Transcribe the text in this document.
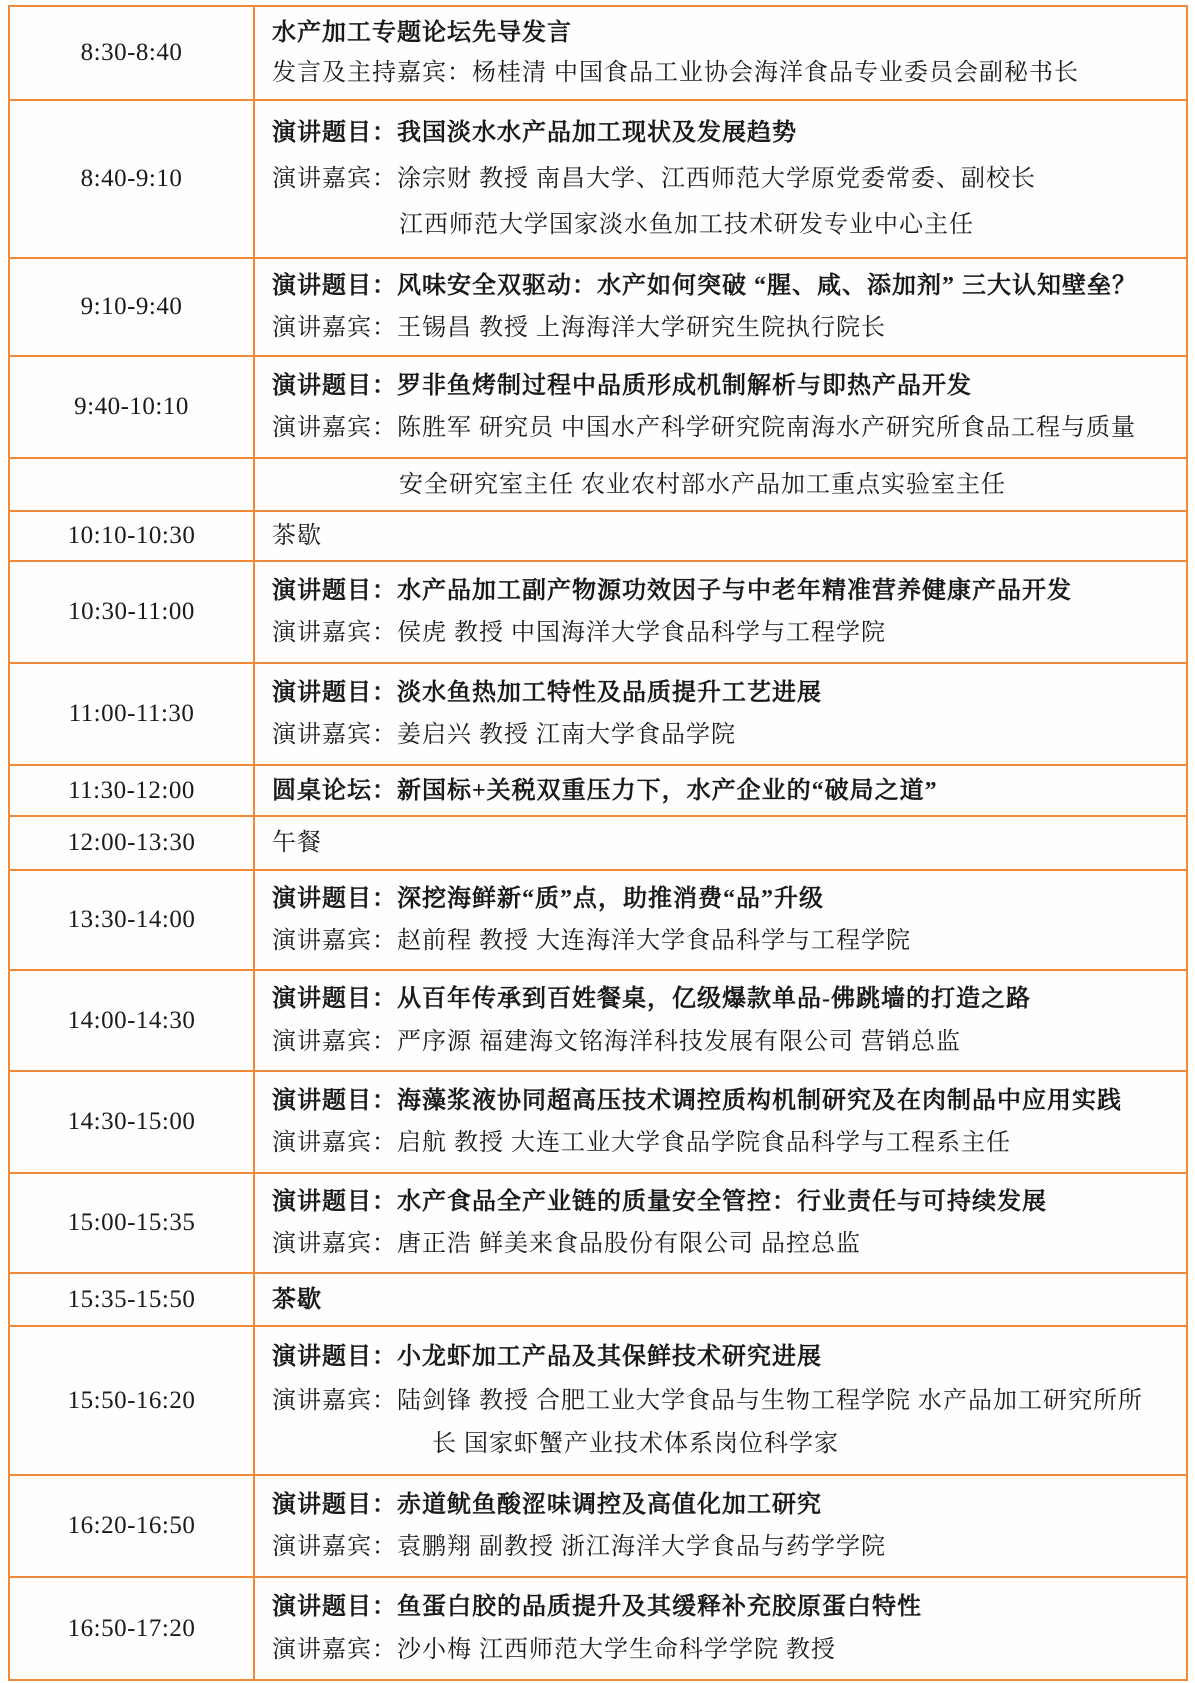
8:30-8:40
水产加工专题论坛先导发言
发言及主持嘉宾：杨桂清 中国食品工业协会海洋食品专业委员会副秘书长
8:40-9:10
演讲题目：我国淡水水产品加工现状及发展趋势
演讲嘉宾：涂宗财 教授 南昌大学、江西师范大学原党委常委、副校长
江西师范大学国家淡水鱼加工技术研发专业中心主任
9:10-9:40
演讲题目：风味安全双驱动：水产如何突破 “腥、咸、添加剂” 三大认知壁垒？
演讲嘉宾：王锡昌 教授 上海海洋大学研究生院执行院长
9:40-10:10
演讲题目：罗非鱼烤制过程中品质形成机制解析与即热产品开发
演讲嘉宾：陈胜军 研究员 中国水产科学研究院南海水产研究所食品工程与质量
安全研究室主任 农业农村部水产品加工重点实验室主任
10:10-10:30	茶歇
10:30-11:00
演讲题目：水产品加工副产物源功效因子与中老年精准营养健康产品开发
演讲嘉宾：侯虎 教授 中国海洋大学食品科学与工程学院
11:00-11:30
演讲题目：淡水鱼热加工特性及品质提升工艺进展
演讲嘉宾：姜启兴 教授 江南大学食品学院
11:30-12:00	圆桌论坛：新国标+关税双重压力下，水产企业的“破局之道”
12:00-13:30	午餐
13:30-14:00
演讲题目：深挖海鲜新“质”点，助推消费“品”升级
演讲嘉宾：赵前程 教授 大连海洋大学食品科学与工程学院
14:00-14:30
演讲题目：从百年传承到百姓餐桌，亿级爆款单品-佛跳墙的打造之路
演讲嘉宾：严序源 福建海文铭海洋科技发展有限公司 营销总监
14:30-15:00
演讲题目：海藻浆液协同超高压技术调控质构机制研究及在肉制品中应用实践
演讲嘉宾：启航 教授 大连工业大学食品学院食品科学与工程系主任
15:00-15:35
演讲题目：水产食品全产业链的质量安全管控：行业责任与可持续发展
演讲嘉宾：唐正浩 鲜美来食品股份有限公司 品控总监
15:35-15:50	茶歇
15:50-16:20
演讲题目：小龙虾加工产品及其保鲜技术研究进展
演讲嘉宾：陆剑锋 教授 合肥工业大学食品与生物工程学院 水产品加工研究所所
长 国家虾蟹产业技术体系岗位科学家
16:20-16:50
演讲题目：赤道鱿鱼酸涩味调控及高值化加工研究
演讲嘉宾：袁鹏翔 副教授 浙江海洋大学食品与药学学院
16:50-17:20
演讲题目：鱼蛋白胶的品质提升及其缓释补充胶原蛋白特性
演讲嘉宾：沙小梅 江西师范大学生命科学学院 教授
